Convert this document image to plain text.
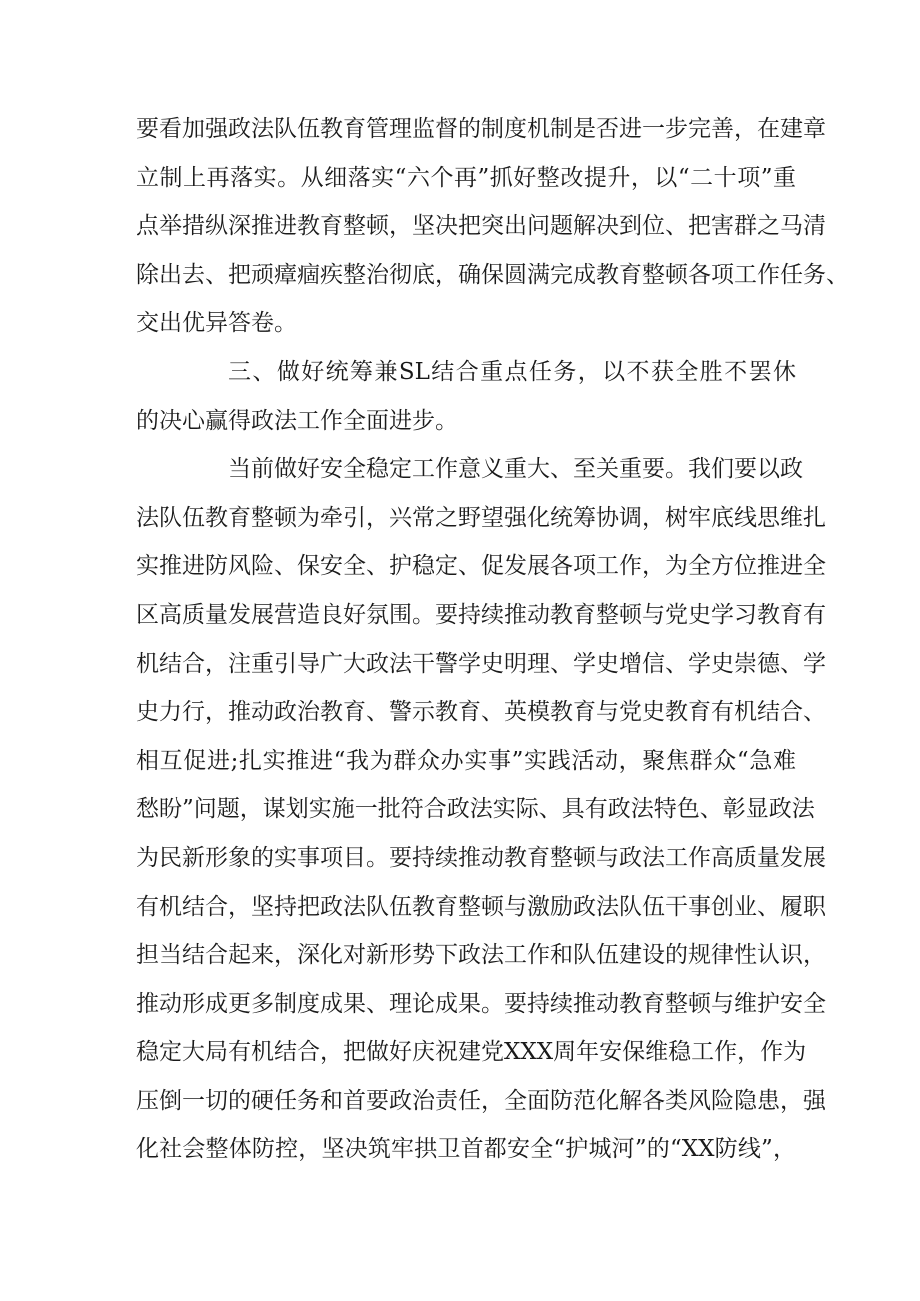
要看加强政法队伍教育管理监督的制度机制是否进一步完善，在建章
立制上再落实。从细落实“六个再”抓好整改提升，以“二十项”重
点举措纵深推进教育整顿，坚决把突出问题解决到位、把害群之马清
除出去、把顽瘴痼疾整治彻底，确保圆满完成教育整顿各项工作任务、
交出优异答卷。
三、做好统筹兼SL结合重点任务，以不获全胜不罢休
的决心赢得政法工作全面进步。
当前做好安全稳定工作意义重大、至关重要。我们要以政
法队伍教育整顿为牵引，兴常之野望强化统筹协调，树牢底线思维扎
实推进防风险、保安全、护稳定、促发展各项工作，为全方位推进全
区高质量发展营造良好氛围。要持续推动教育整顿与党史学习教育有
机结合，注重引导广大政法干警学史明理、学史增信、学史崇德、学
史力行，推动政治教育、警示教育、英模教育与党史教育有机结合、
相互促进;扎实推进“我为群众办实事”实践活动，聚焦群众“急难
愁盼”问题，谋划实施一批符合政法实际、具有政法特色、彰显政法
为民新形象的实事项目。要持续推动教育整顿与政法工作高质量发展
有机结合，坚持把政法队伍教育整顿与激励政法队伍干事创业、履职
担当结合起来，深化对新形势下政法工作和队伍建设的规律性认识，
推动形成更多制度成果、理论成果。要持续推动教育整顿与维护安全
稳定大局有机结合，把做好庆祝建党XXX周年安保维稳工作，作为
压倒一切的硬任务和首要政治责任，全面防范化解各类风险隐患，强
化社会整体防控，坚决筑牢拱卫首都安全“护城河”的“XX防线”，
